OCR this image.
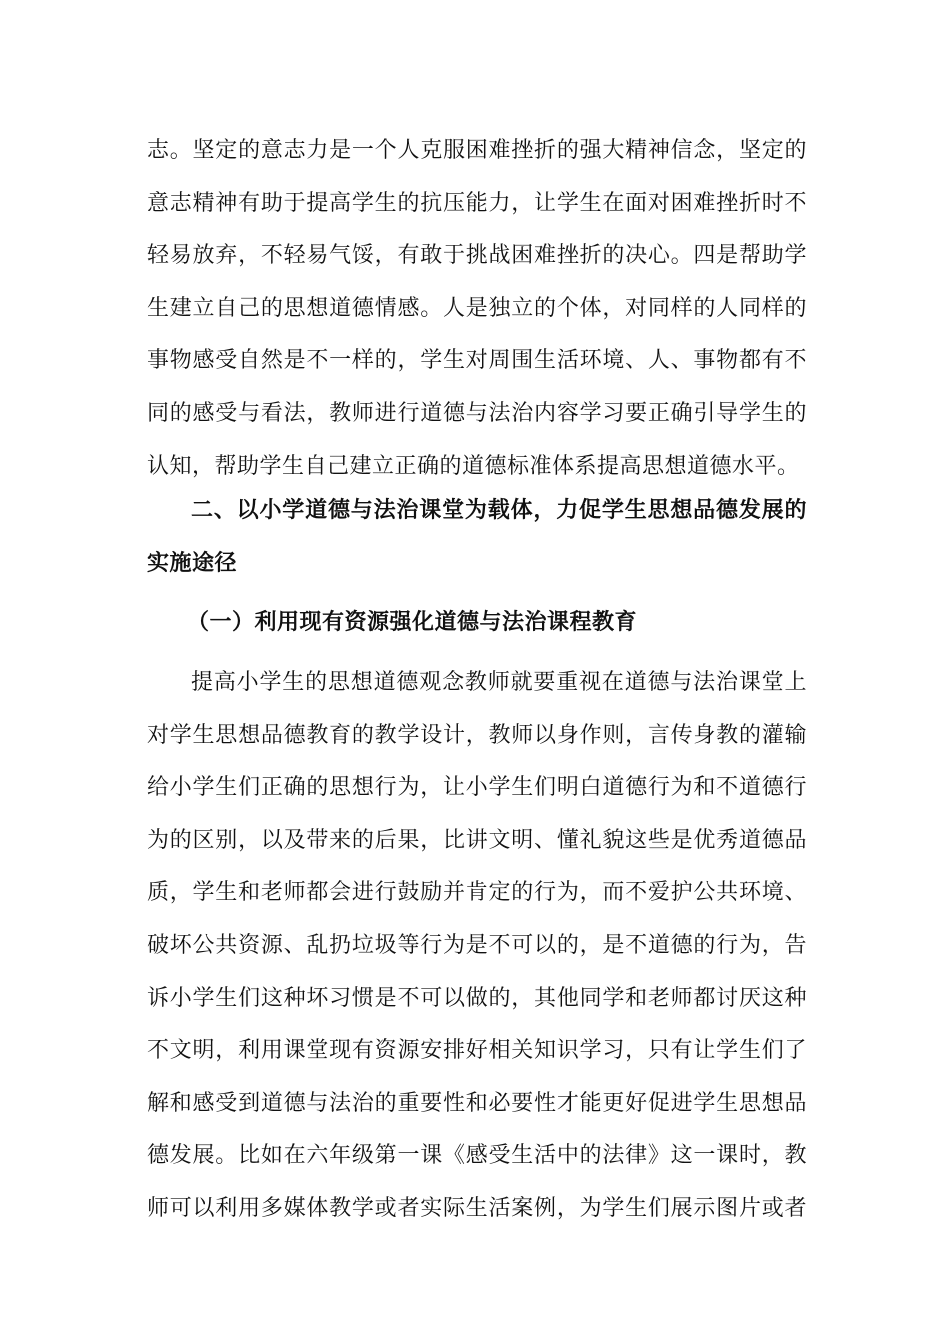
志。坚定的意志力是一个人克服困难挫折的强大精神信念，坚定的
意志精神有助于提高学生的抗压能力，让学生在面对困难挫折时不
轻易放弃，不轻易气馁，有敢于挑战困难挫折的决心。四是帮助学
生建立自己的思想道德情感。人是独立的个体，对同样的人同样的
事物感受自然是不一样的，学生对周围生活环境、人、事物都有不
同的感受与看法，教师进行道德与法治内容学习要正确引导学生的
认知，帮助学生自己建立正确的道德标准体系提高思想道德水平。
二、以小学道德与法治课堂为载体，力促学生思想品德发展的
实施途径
（一）利用现有资源强化道德与法治课程教育
提高小学生的思想道德观念教师就要重视在道德与法治课堂上
对学生思想品德教育的教学设计，教师以身作则，言传身教的灌输
给小学生们正确的思想行为，让小学生们明白道德行为和不道德行
为的区别，以及带来的后果，比讲文明、懂礼貌这些是优秀道德品
质，学生和老师都会进行鼓励并肯定的行为，而不爱护公共环境、
破坏公共资源、乱扔垃圾等行为是不可以的，是不道德的行为，告
诉小学生们这种坏习惯是不可以做的，其他同学和老师都讨厌这种
不文明，利用课堂现有资源安排好相关知识学习，只有让学生们了
解和感受到道德与法治的重要性和必要性才能更好促进学生思想品
德发展。比如在六年级第一课《感受生活中的法律》这一课时，教
师可以利用多媒体教学或者实际生活案例，为学生们展示图片或者
